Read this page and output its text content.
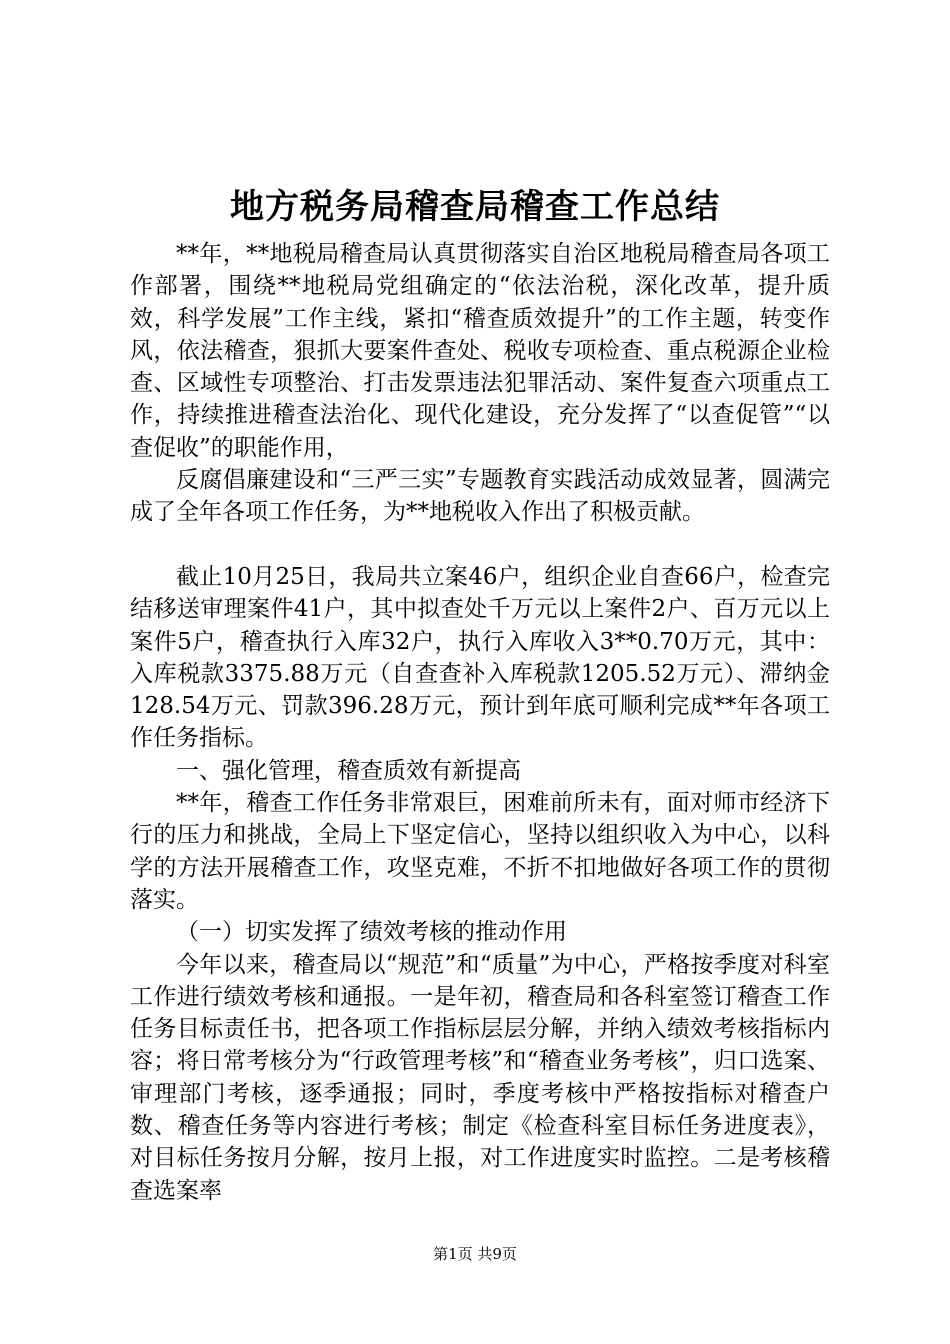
地方税务局稽查局稽查工作总结

**年，**地税局稽查局认真贯彻落实自治区地税局稽查局各项工作部署，围绕**地税局党组确定的“依法治税，深化改革，提升质效，科学发展”工作主线，紧扣“稽查质效提升”的工作主题，转变作风，依法稽查，狠抓大要案件查处、税收专项检查、重点税源企业检查、区域性专项整治、打击发票违法犯罪活动、案件复查六项重点工作，持续推进稽查法治化、现代化建设，充分发挥了“以查促管”“以查促收”的职能作用，

反腐倡廉建设和“三严三实”专题教育实践活动成效显著，圆满完成了全年各项工作任务，为**地税收入作出了积极贡献。

截止10月25日，我局共立案46户，组织企业自查66户，检查完结移送审理案件41户，其中拟查处千万元以上案件2户、百万元以上案件5户，稽查执行入库32户，执行入库收入3**0.70万元，其中：入库税款3375.88万元（自查查补入库税款1205.52万元）、滞纳金128.54万元、罚款396.28万元，预计到年底可顺利完成**年各项工作任务指标。

一、强化管理，稽查质效有新提高

**年，稽查工作任务非常艰巨，困难前所未有，面对师市经济下行的压力和挑战，全局上下坚定信心，坚持以组织收入为中心，以科学的方法开展稽查工作，攻坚克难，不折不扣地做好各项工作的贯彻落实。

（一）切实发挥了绩效考核的推动作用

今年以来，稽查局以“规范”和“质量”为中心，严格按季度对科室工作进行绩效考核和通报。一是年初，稽查局和各科室签订稽查工作任务目标责任书，把各项工作指标层层分解，并纳入绩效考核指标内容；将日常考核分为“行政管理考核”和“稽查业务考核”，归口选案、审理部门考核，逐季通报；同时，季度考核中严格按指标对稽查户数、稽查任务等内容进行考核；制定《检查科室目标任务进度表》，对目标任务按月分解，按月上报，对工作进度实时监控。二是考核稽查选案率

第1页 共9页
